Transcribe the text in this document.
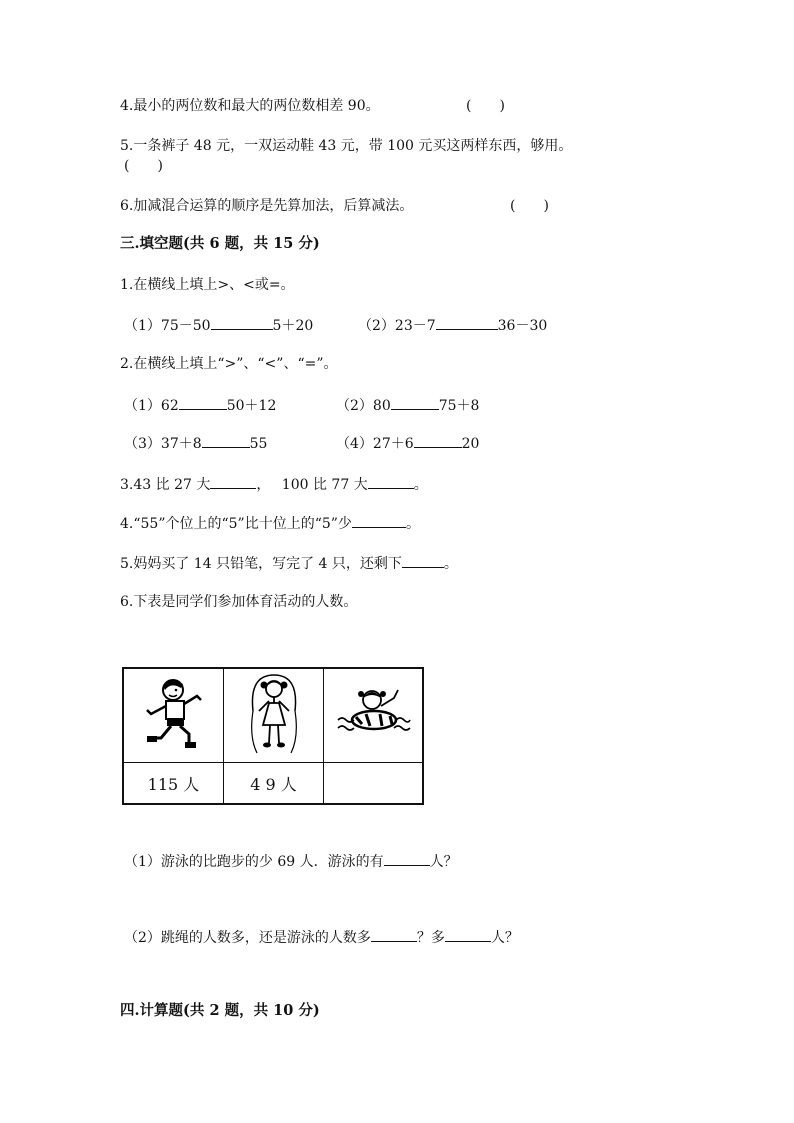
4.最小的两位数和最大的两位数相差 90。	(　　)
5.一条裤子 48 元，一双运动鞋 43 元，带 100 元买这两样东西，够用。
(　　)
6.加减混合运算的顺序是先算加法，后算减法。	(　　)
三.填空题(共 6 题，共 15 分)
1.在横线上填上>、<或=。
（1）75－50	5＋20	（2）23－7	36－30
2.在横线上填上“>”、“<”、“=”。
（1）62	50＋12	（2）80	75＋8
（3）37＋8	55	（4）27＋6	20
3.43 比 27 大	，　 100 比 77 大	。
4.“55”个位上的“5”比十位上的“5”少	。
5.妈妈买了 14 只铅笔，写完了 4 只，还剩下	。
6.下表是同学们参加体育活动的人数。

115 人	4 9 人	
（1）游泳的比跑步的少 69 人．游泳的有	人？
（2）跳绳的人数多，还是游泳的人数多	？多	人？
四.计算题(共 2 题，共 10 分)
